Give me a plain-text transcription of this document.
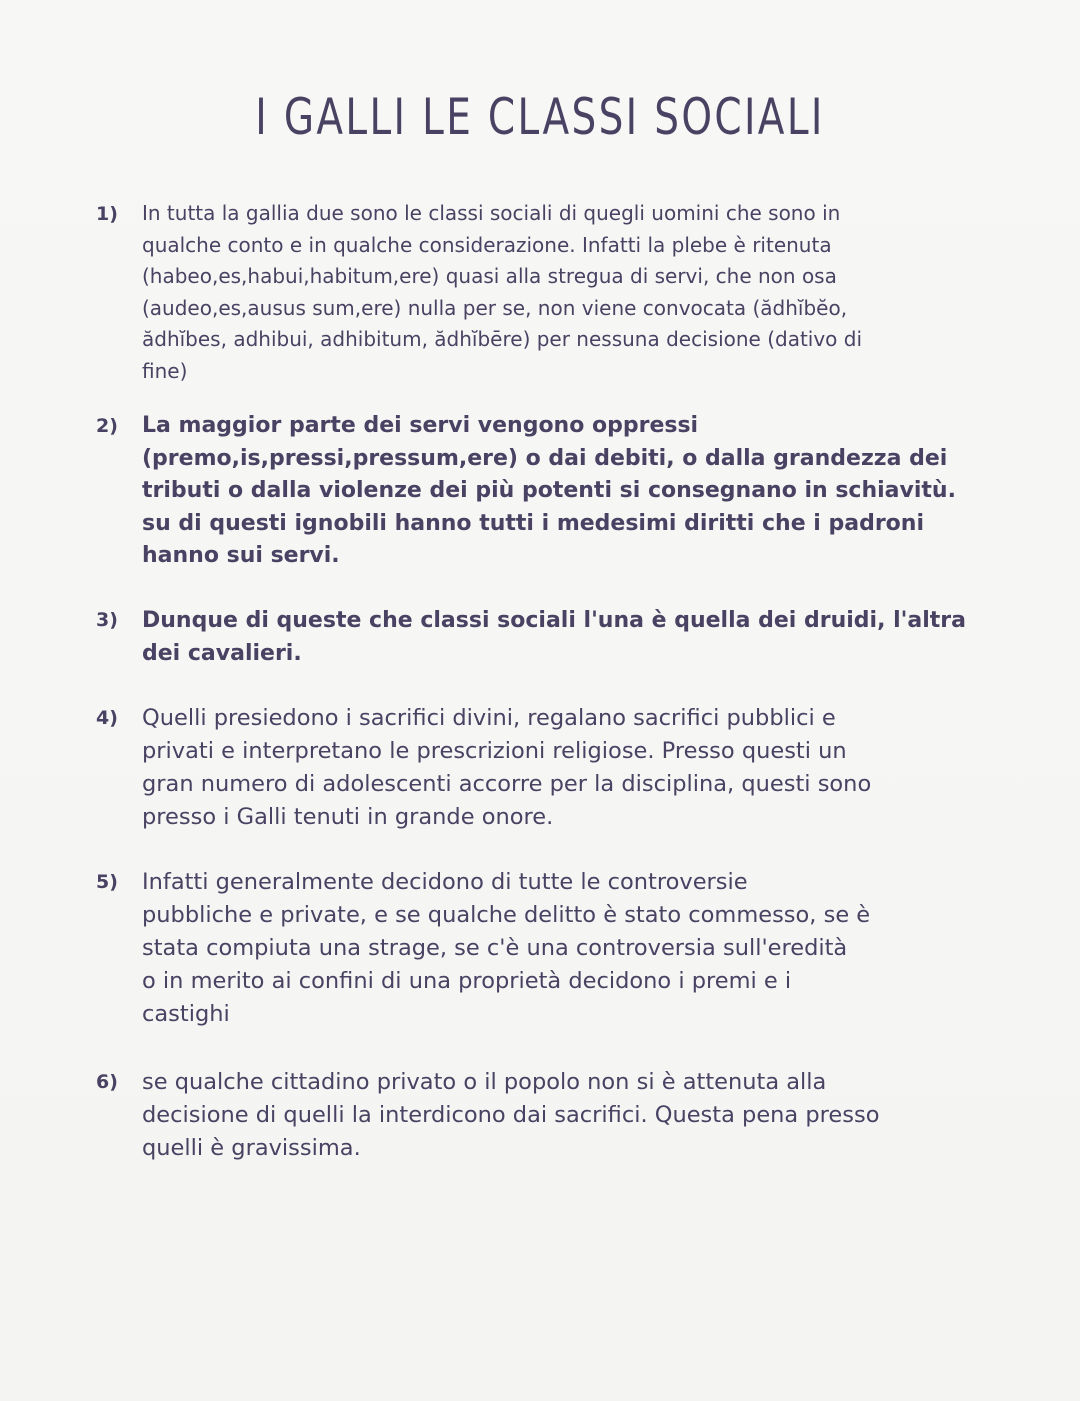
I GALLI LE CLASSI SOCIALI
1)	In tutta la gallia due sono le classi sociali di quegli uomini che sono in
qualche conto e in qualche considerazione. Infatti la plebe è ritenuta
(habeo,es,habui,habitum,ere) quasi alla stregua di servi, che non osa
(audeo,es,ausus sum,ere) nulla per se, non viene convocata (ădhĭbĕo,
ădhĭbes, adhibui, adhibitum, ădhĭbēre) per nessuna decisione (dativo di
fine)
2)	La maggior parte dei servi vengono oppressi
(premo,is,pressi,pressum,ere) o dai debiti, o dalla grandezza dei
tributi o dalla violenze dei più potenti si consegnano in schiavitù.
su di questi ignobili hanno tutti i medesimi diritti che i padroni
hanno sui servi.
3)	Dunque di queste che classi sociali l'una è quella dei druidi, l'altra
dei cavalieri.
4)	Quelli presiedono i sacrifici divini, regalano sacrifici pubblici e
privati e interpretano le prescrizioni religiose. Presso questi un
gran numero di adolescenti accorre per la disciplina, questi sono
presso i Galli tenuti in grande onore.
5)	Infatti generalmente decidono di tutte le controversie
pubbliche e private, e se qualche delitto è stato commesso, se è
stata compiuta una strage, se c'è una controversia sull'eredità
o in merito ai confini di una proprietà decidono i premi e i
castighi
6)	se qualche cittadino privato o il popolo non si è attenuta alla
decisione di quelli la interdicono dai sacrifici. Questa pena presso
quelli è gravissima.
